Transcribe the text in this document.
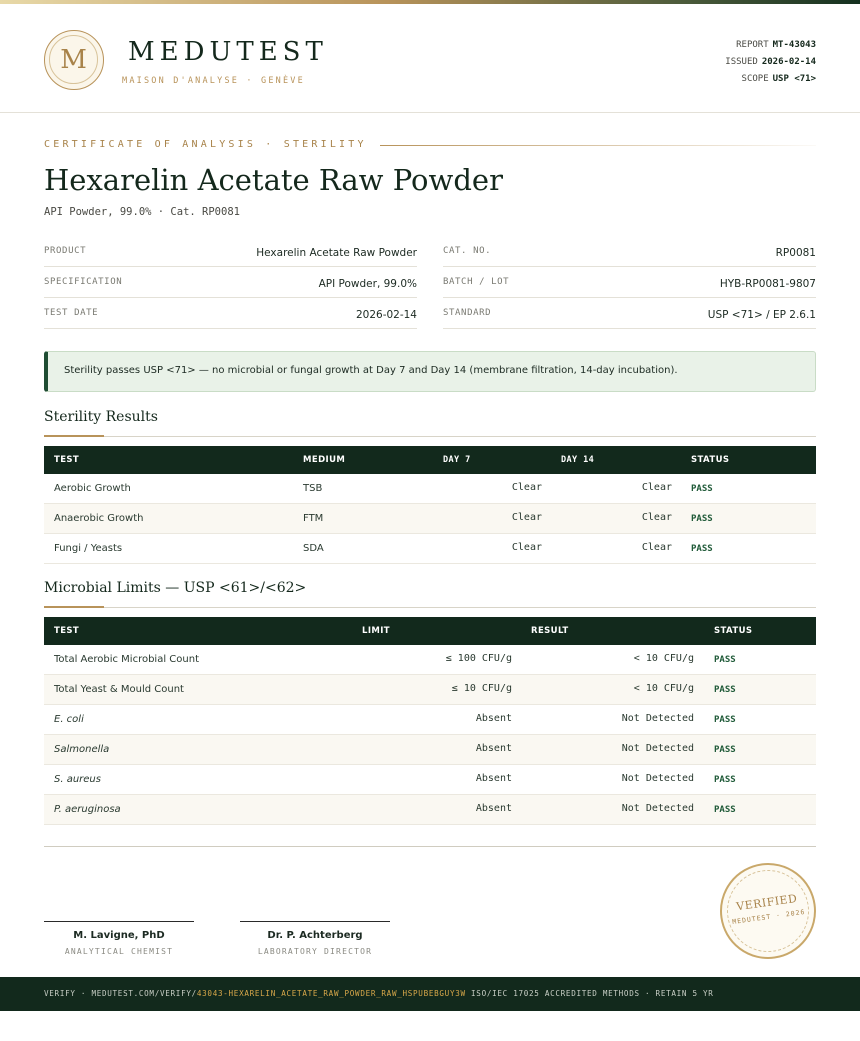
M	MEDUTEST
MAISON D'ANALYSE · GENÈVE
REPORT MT-43043
ISSUED 2026-02-14
SCOPE USP <71>
CERTIFICATE OF ANALYSIS · STERILITY
Hexarelin Acetate Raw Powder
API Powder, 99.0% · Cat. RP0081
PRODUCT	Hexarelin Acetate Raw Powder
SPECIFICATION	API Powder, 99.0%
TEST DATE	2026-02-14
CAT. NO.	RP0081
BATCH / LOT	HYB-RP0081-9807
STANDARD	USP <71> / EP 2.6.1
Sterility passes USP <71> — no microbial or fungal growth at Day 7 and Day 14 (membrane filtration, 14-day incubation).
Sterility Results
TEST	MEDIUM	DAY 7	DAY 14	STATUS
Aerobic Growth	TSB	Clear	Clear PASS
Anaerobic Growth	FTM	Clear	Clear PASS
Fungi / Yeasts	SDA	Clear	Clear PASS
Microbial Limits — USP <61>/<62>
TEST	LIMIT	RESULT	STATUS
Total Aerobic Microbial Count	≤ 100 CFU/g	< 10 CFU/g PASS
Total Yeast & Mould Count	≤ 10 CFU/g	< 10 CFU/g PASS
E. coli	Absent	Not Detected PASS
Salmonella	Absent	Not Detected PASS
S. aureus	Absent	Not Detected PASS
P. aeruginosa	Absent	Not Detected PASS
M. Lavigne, PhD
ANALYTICAL CHEMIST
Dr. P. Achterberg
LABORATORY DIRECTOR
VERIFIED
MEDUTEST · 2026
VERIFY · MEDUTEST.COM/VERIFY/43043-HEXARELIN_ACETATE_RAW_POWDER_RAW_HSPUBEBGUY3W ISO/IEC 17025 ACCREDITED METHODS · RETAIN 5 YR
